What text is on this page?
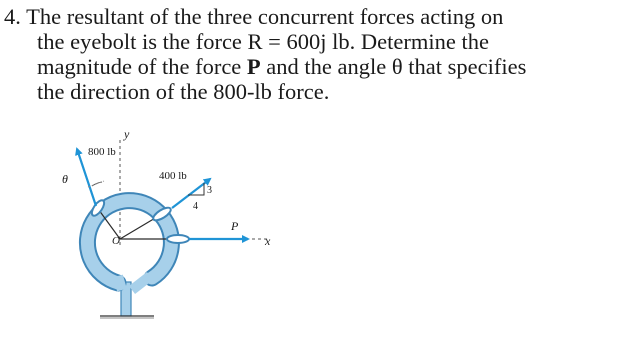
4. The resultant of the three concurrent forces acting on
the eyebolt is the force R = 600j lb. Determine the
magnitude of the force P and the angle θ that specifies
the direction of the 800-lb force.
y
800 lb
θ	400 lb
3
4
O
P
x
